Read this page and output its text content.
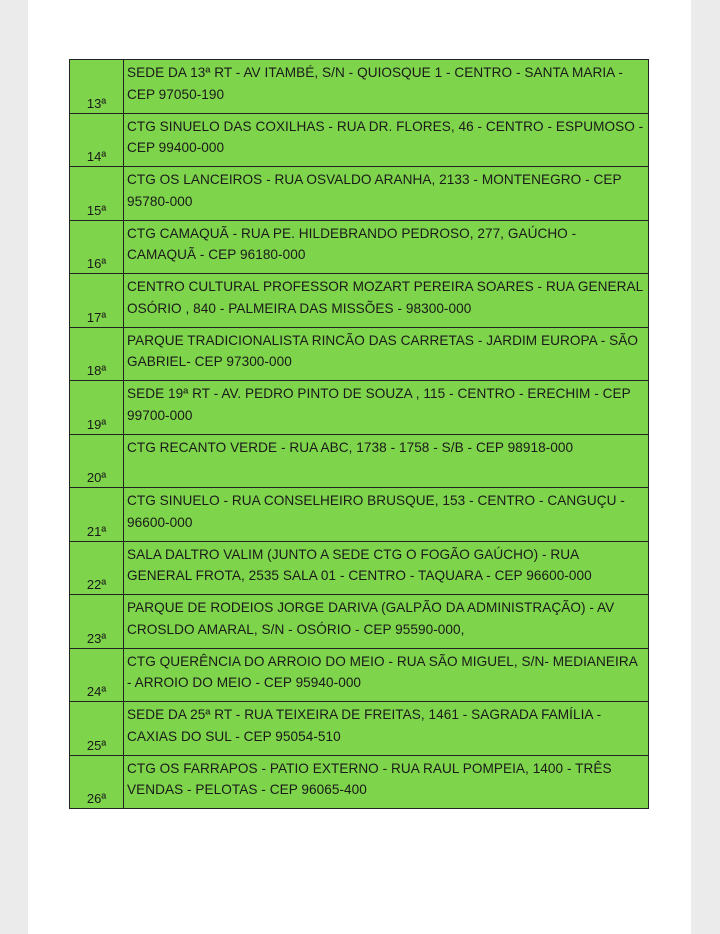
13ª	SEDE DA 13ª RT - AV ITAMBÉ, S/N - QUIOSQUE 1 - CENTRO - SANTA MARIA - CEP 97050-190
14ª	CTG SINUELO DAS COXILHAS - RUA DR. FLORES, 46 - CENTRO - ESPUMOSO - CEP 99400-000
15ª	CTG OS LANCEIROS - RUA OSVALDO ARANHA, 2133 - MONTENEGRO - CEP 95780-000
16ª	CTG CAMAQUÃ - RUA PE. HILDEBRANDO PEDROSO, 277, GAÚCHO - CAMAQUÃ - CEP 96180-000
17ª	CENTRO CULTURAL PROFESSOR MOZART PEREIRA SOARES - RUA GENERAL OSÓRIO , 840 - PALMEIRA DAS MISSÕES - 98300-000
18ª	PARQUE TRADICIONALISTA RINCÃO DAS CARRETAS - JARDIM EUROPA - SÃO GABRIEL- CEP 97300-000
19ª	SEDE 19ª RT - AV. PEDRO PINTO DE SOUZA , 115 - CENTRO - ERECHIM - CEP 99700-000
20ª	CTG RECANTO VERDE - RUA ABC, 1738 - 1758 - S/B - CEP 98918-000
21ª	CTG SINUELO - RUA CONSELHEIRO BRUSQUE, 153 - CENTRO - CANGUÇU - 96600-000
22ª	SALA DALTRO VALIM (JUNTO A SEDE CTG O FOGÃO GAÚCHO) - RUA GENERAL FROTA, 2535 SALA 01 - CENTRO - TAQUARA - CEP 96600-000
23ª	PARQUE DE RODEIOS JORGE DARIVA (GALPÃO DA ADMINISTRAÇÃO) - AV CROSLDO AMARAL, S/N - OSÓRIO - CEP 95590-000,
24ª	CTG QUERÊNCIA DO ARROIO DO MEIO - RUA SÃO MIGUEL, S/N- MEDIANEIRA - ARROIO DO MEIO - CEP 95940-000
25ª	SEDE DA 25ª RT - RUA TEIXEIRA DE FREITAS, 1461 - SAGRADA FAMÍLIA - CAXIAS DO SUL - CEP 95054-510
26ª	CTG OS FARRAPOS - PATIO EXTERNO - RUA RAUL POMPEIA, 1400 - TRÊS VENDAS - PELOTAS - CEP 96065-400
